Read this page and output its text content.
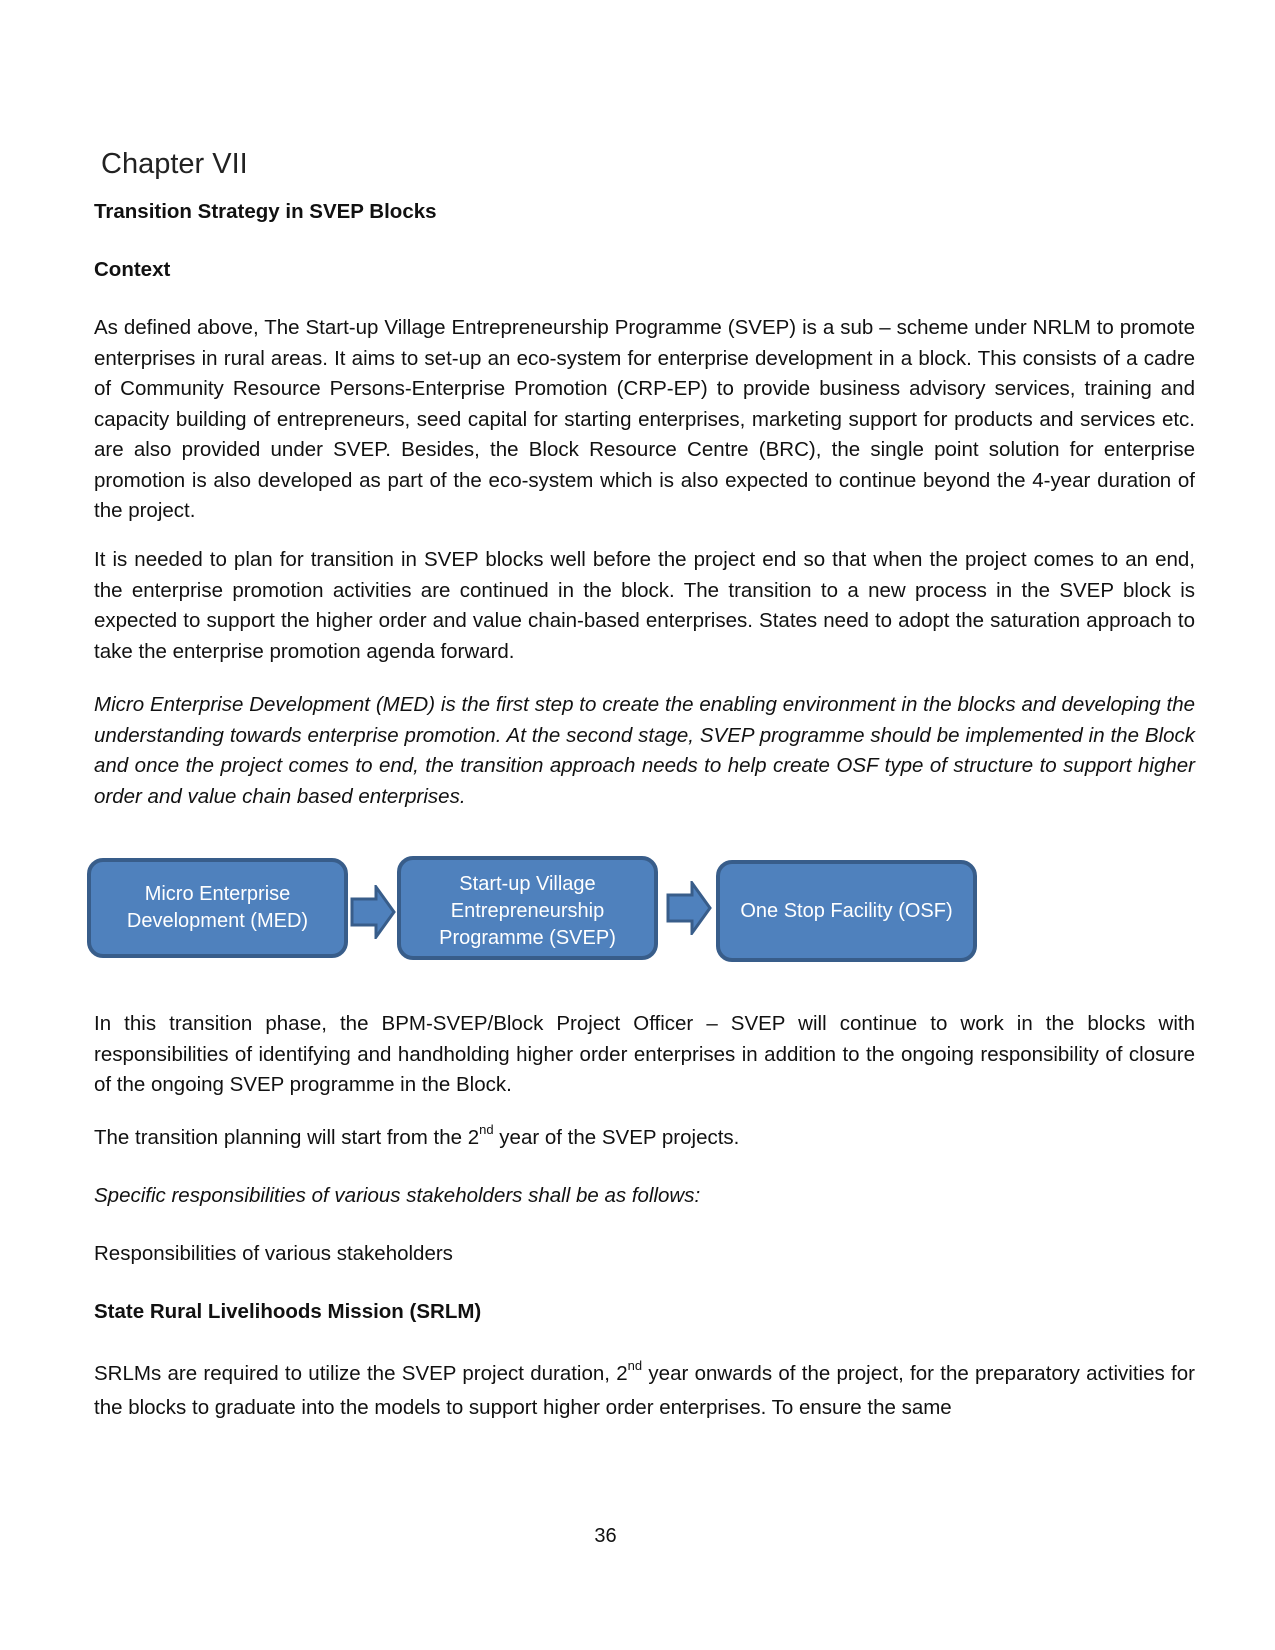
Chapter VII
Transition Strategy in SVEP Blocks
Context

As defined above, The Start-up Village Entrepreneurship Programme (SVEP) is a sub – scheme under NRLM to promote enterprises in rural areas. It aims to set-up an eco-system for enterprise development in a block. This consists of a cadre of Community Resource Persons-Enterprise Promotion (CRP-EP) to provide business advisory services, training and capacity building of entrepreneurs, seed capital for starting enterprises, marketing support for products and services etc. are also provided under SVEP. Besides, the Block Resource Centre (BRC), the single point solution for enterprise promotion is also developed as part of the eco-system which is also expected to continue beyond the 4-year duration of the project.

It is needed to plan for transition in SVEP blocks well before the project end so that when the project comes to an end, the enterprise promotion activities are continued in the block. The transition to a new process in the SVEP block is expected to support the higher order and value chain-based enterprises. States need to adopt the saturation approach to take the enterprise promotion agenda forward.

Micro Enterprise Development (MED) is the first step to create the enabling environment in the blocks and developing the understanding towards enterprise promotion. At the second stage, SVEP programme should be implemented in the Block and once the project comes to end, the transition approach needs to help create OSF type of structure to support higher order and value chain based enterprises.

Micro Enterprise
Development (MED)
Start-up Village
Entrepreneurship
Programme (SVEP)
One Stop Facility (OSF)

In this transition phase, the BPM-SVEP/Block Project Officer – SVEP will continue to work in the blocks with responsibilities of identifying and handholding higher order enterprises in addition to the ongoing responsibility of closure of the ongoing SVEP programme in the Block.

The transition planning will start from the 2nd year of the SVEP projects.

Specific responsibilities of various stakeholders shall be as follows:

Responsibilities of various stakeholders

State Rural Livelihoods Mission (SRLM)

SRLMs are required to utilize the SVEP project duration, 2nd year onwards of the project, for the preparatory activities for the blocks to graduate into the models to support higher order enterprises. To ensure the same

36
